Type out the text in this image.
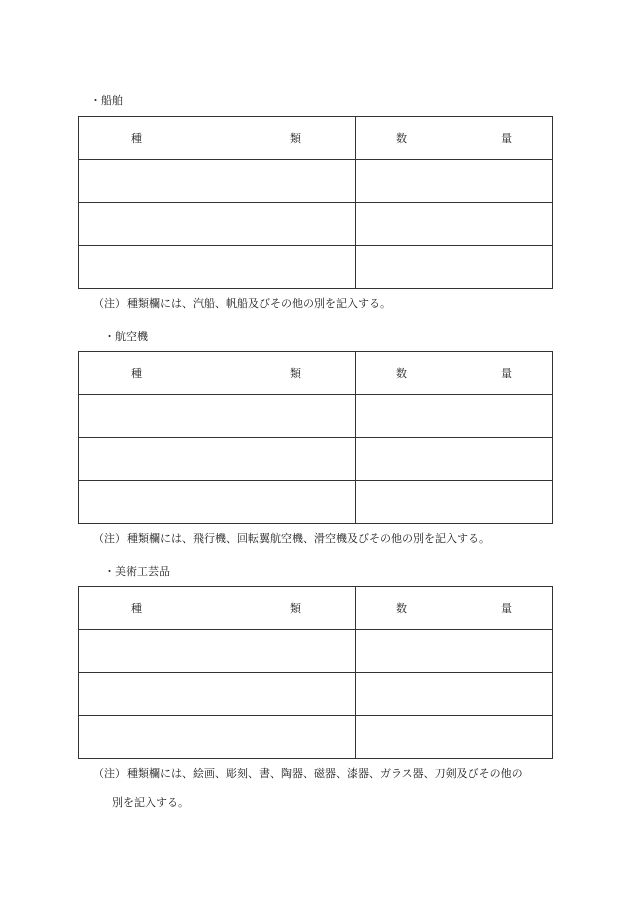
・船舶
種 類	数 量

（注）種類欄には、汽船、帆船及びその他の別を記入する。
・航空機
種 類	数 量

（注）種類欄には、飛行機、回転翼航空機、滑空機及びその他の別を記入する。
・美術工芸品
種 類	数 量

（注）種類欄には、絵画、彫刻、書、陶器、磁器、漆器、ガラス器、刀剣及びその他の
別を記入する。
